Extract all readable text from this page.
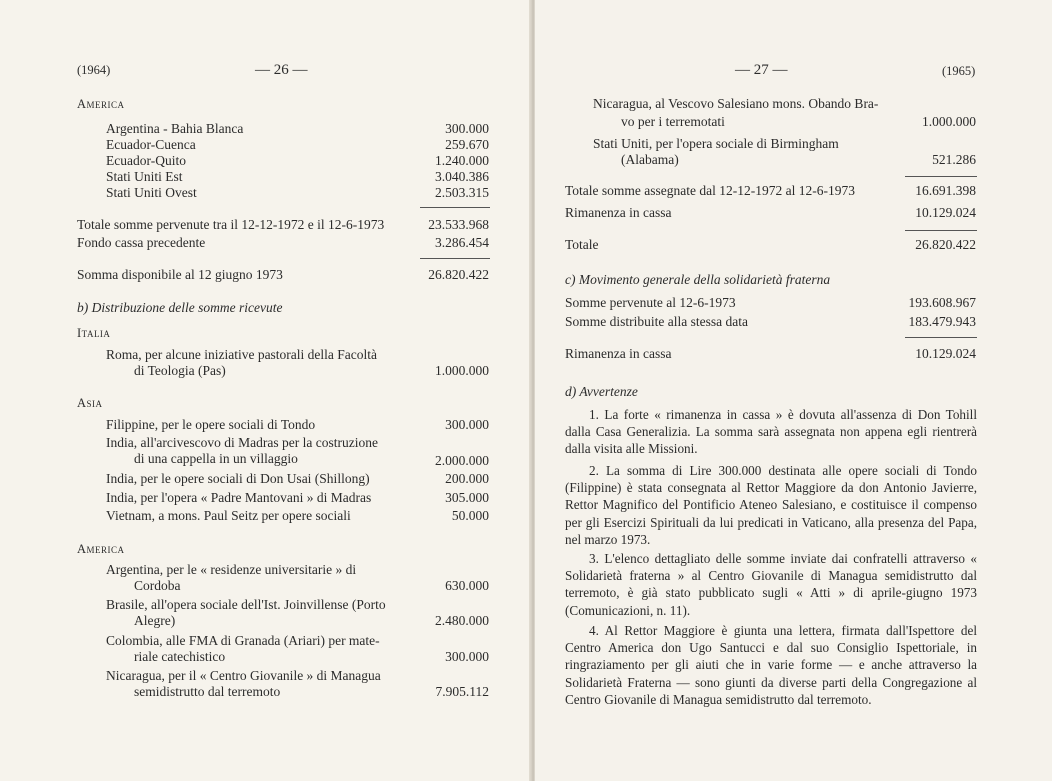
(1964)	— 26 —
America
Argentina - Bahia Blanca	300.000
Ecuador-Cuenca	259.670
Ecuador-Quito	1.240.000
Stati Uniti Est	3.040.386
Stati Uniti Ovest	2.503.315
Totale somme pervenute tra il 12-12-1972 e il 12-6-1973	23.533.968
Fondo cassa precedente	3.286.454
Somma disponibile al 12 giugno 1973	26.820.422
b) Distribuzione delle somme ricevute
Italia
Roma, per alcune iniziative pastorali della Facoltà
di Teologia (Pas)	1.000.000
Asia
Filippine, per le opere sociali di Tondo	300.000
India, all'arcivescovo di Madras per la costruzione
di una cappella in un villaggio	2.000.000
India, per le opere sociali di Don Usai (Shillong)	200.000
India, per l'opera « Padre Mantovani » di Madras	305.000
Vietnam, a mons. Paul Seitz per opere sociali	50.000
America
Argentina, per le « residenze universitarie » di
Cordoba	630.000
Brasile, all'opera sociale dell'Ist. Joinvillense (Porto
Alegre)	2.480.000
Colombia, alle FMA di Granada (Ariari) per mate-
riale catechistico	300.000
Nicaragua, per il « Centro Giovanile » di Managua
semidistrutto dal terremoto	7.905.112
— 27 —	(1965)
Nicaragua, al Vescovo Salesiano mons. Obando Bra-
vo per i terremotati	1.000.000
Stati Uniti, per l'opera sociale di Birmingham
(Alabama)	521.286
Totale somme assegnate dal 12-12-1972 al 12-6-1973	16.691.398
Rimanenza in cassa	10.129.024
Totale	26.820.422
c) Movimento generale della solidarietà fraterna
Somme pervenute al 12-6-1973	193.608.967
Somme distribuite alla stessa data	183.479.943
Rimanenza in cassa	10.129.024
d) Avvertenze
1. La forte « rimanenza in cassa » è dovuta all'assenza di Don Tohill dalla Casa Generalizia. La somma sarà assegnata non appena egli rientrerà dalla visita alle Missioni.
2. La somma di Lire 300.000 destinata alle opere sociali di Tondo (Filippine) è stata consegnata al Rettor Maggiore da don Antonio Javierre, Rettor Magnifico del Pontificio Ateneo Salesiano, e costituisce il compenso per gli Esercizi Spirituali da lui predicati in Vaticano, alla presenza del Papa, nel marzo 1973.
3. L'elenco dettagliato delle somme inviate dai confratelli attraverso « Solidarietà fraterna » al Centro Giovanile di Managua semidistrutto dal terremoto, è già stato pubblicato sugli « Atti » di aprile-giugno 1973 (Comunicazioni, n. 11).
4. Al Rettor Maggiore è giunta una lettera, firmata dall'Ispettore del Centro America don Ugo Santucci e dal suo Consiglio Ispettoriale, in ringraziamento per gli aiuti che in varie forme — e anche attraverso la Solidarietà Fraterna — sono giunti da diverse parti della Congregazione al Centro Giovanile di Managua semidistrutto dal terremoto.
